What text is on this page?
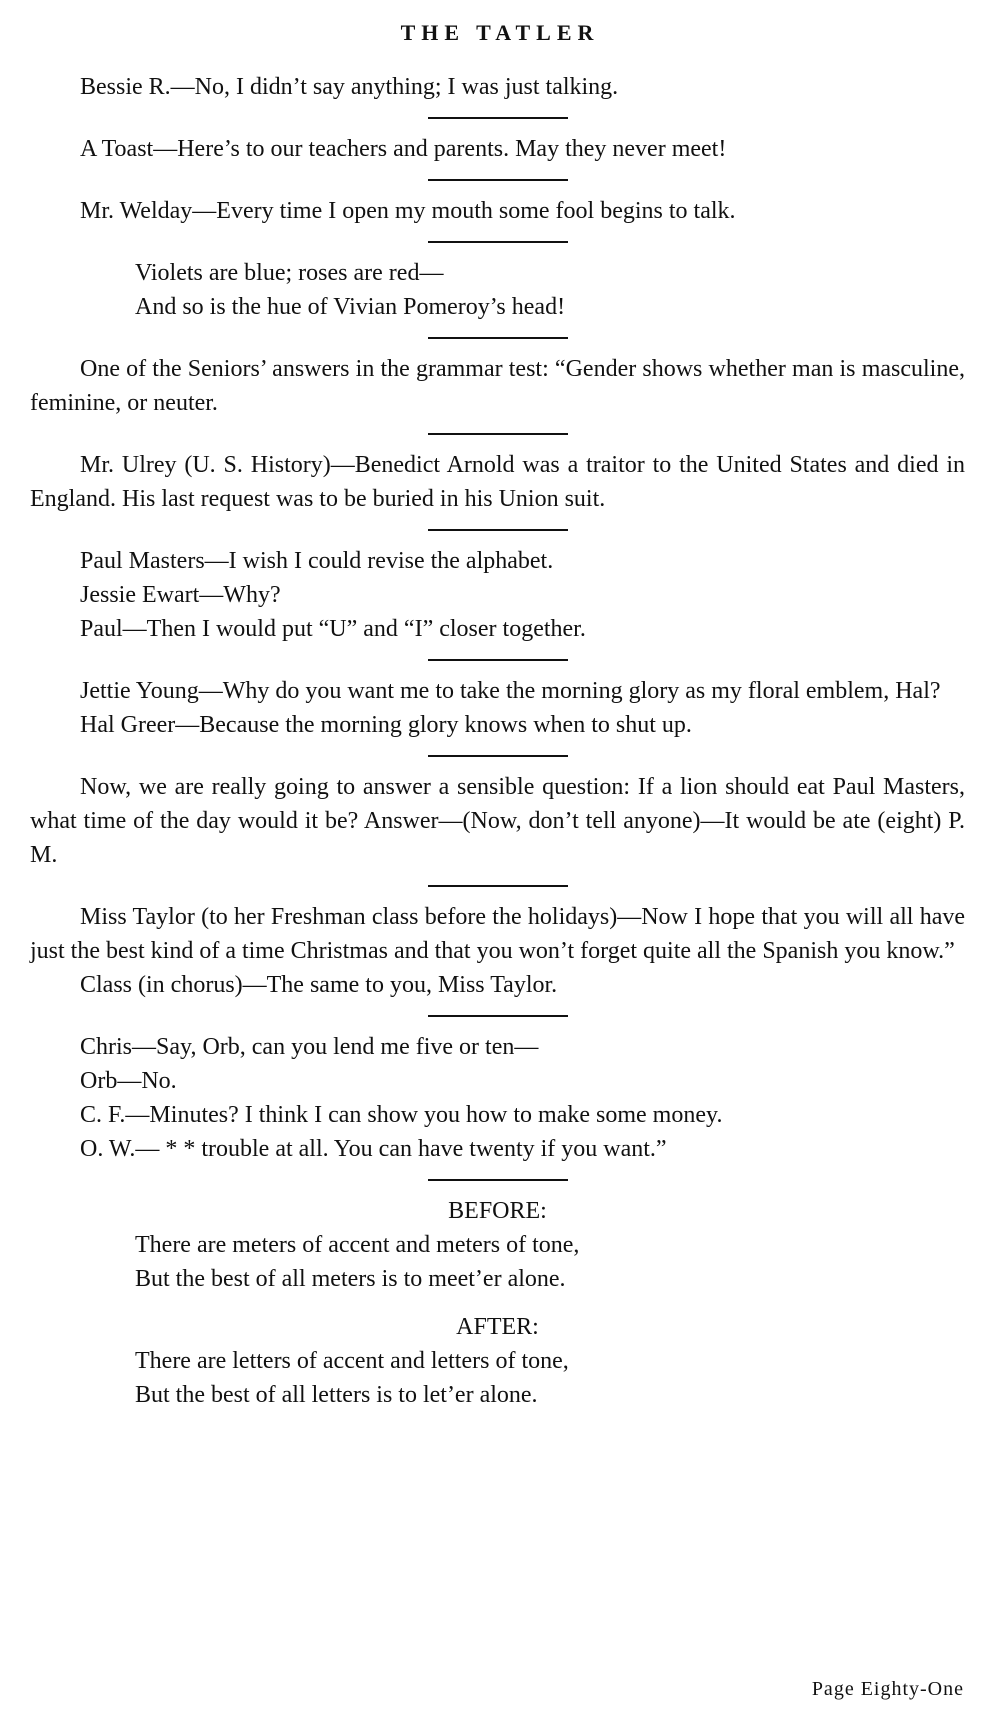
THE TATLER

Bessie R.—No, I didn’t say anything; I was just talking.

A Toast—Here’s to our teachers and parents. May they never meet!

Mr. Welday—Every time I open my mouth some fool begins to talk.

Violets are blue; roses are red—

And so is the hue of Vivian Pomeroy’s head!

One of the Seniors’ answers in the grammar test: “Gender shows whether man is masculine, feminine, or neuter.

Mr. Ulrey (U. S. History)—Benedict Arnold was a traitor to the United States and died in England. His last request was to be buried in his Union suit.

Paul Masters—I wish I could revise the alphabet.

Jessie Ewart—Why?

Paul—Then I would put “U” and “I” closer together.

Jettie Young—Why do you want me to take the morning glory as my floral emblem, Hal?

Hal Greer—Because the morning glory knows when to shut up.

Now, we are really going to answer a sensible question: If a lion should eat Paul Masters, what time of the day would it be? Answer—(Now, don’t tell anyone)—It would be ate (eight) P. M.

Miss Taylor (to her Freshman class before the holidays)—Now I hope that you will all have just the best kind of a time Christmas and that you won’t forget quite all the Spanish you know.”

Class (in chorus)—The same to you, Miss Taylor.

Chris—Say, Orb, can you lend me five or ten—

Orb—No.

C. F.—Minutes? I think I can show you how to make some money.

O. W.— * * trouble at all. You can have twenty if you want.”

BEFORE:

There are meters of accent and meters of tone,

But the best of all meters is to meet’er alone.

AFTER:

There are letters of accent and letters of tone,

But the best of all letters is to let’er alone.

Page Eighty-One
